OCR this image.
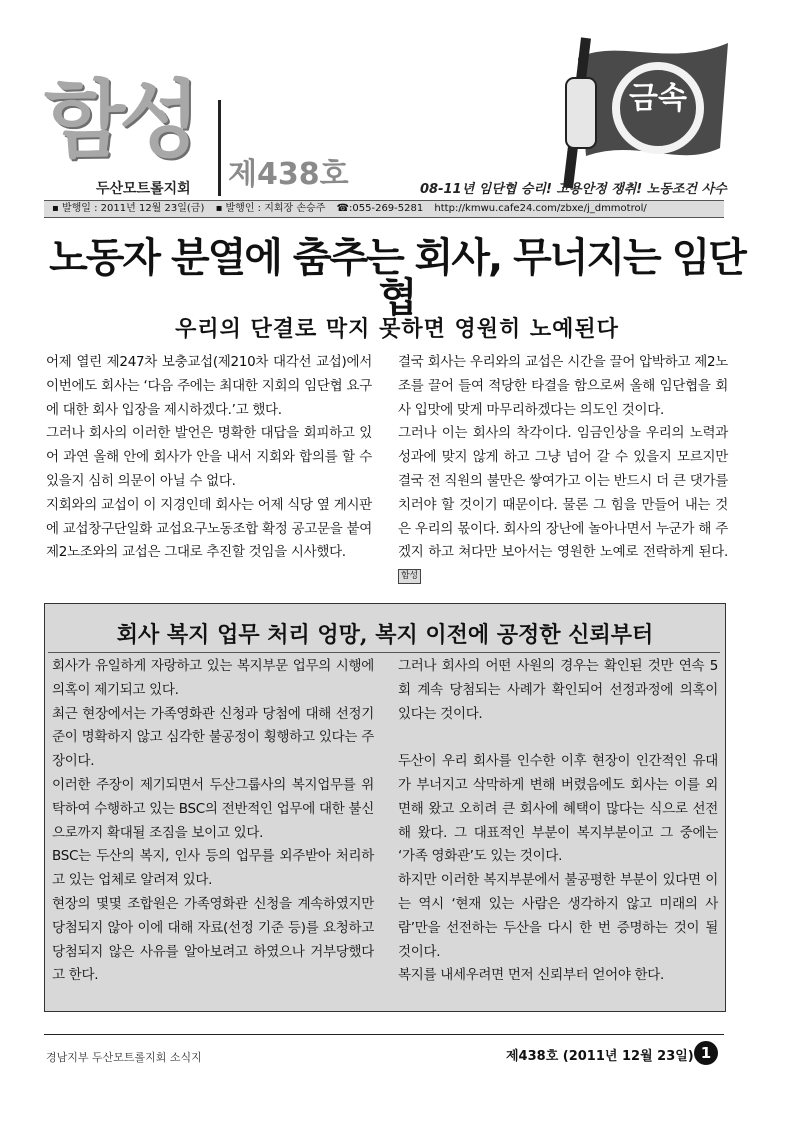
함성
두산모트롤지회 제438호	08-11년 임단협 승리! 고용안정 쟁취! 노동조건 사수
금속
▪ 발행일 : 2011년 12월 23일(금) ▪ 발행인 : 지회장 손승주 ☎:055-269-5281 http://kmwu.cafe24.com/zbxe/j_dmmotrol/
노동자 분열에 춤추는 회사, 무너지는 임단협
우리의 단결로 막지 못하면 영원히 노예된다

어제 열린 제247차 보충교섭(제210차 대각선 교섭)에서 이번에도 회사는 ‘다음 주에는 최대한 지회의 임단협 요구에 대한 회사 입장을 제시하겠다.’고 했다.

그러나 회사의 이러한 발언은 명확한 대답을 회피하고 있어 과연 올해 안에 회사가 안을 내서 지회와 합의를 할 수 있을지 심히 의문이 아닐 수 없다.

지회와의 교섭이 이 지경인데 회사는 어제 식당 옆 게시판에 교섭창구단일화 교섭요구노동조합 확정 공고문을 붙여 제2노조와의 교섭은 그대로 추진할 것임을 시사했다.

결국 회사는 우리와의 교섭은 시간을 끌어 압박하고 제2노조를 끌어 들여 적당한 타결을 함으로써 올해 임단협을 회사 입맛에 맞게 마무리하겠다는 의도인 것이다.

그러나 이는 회사의 착각이다. 임금인상을 우리의 노력과 성과에 맞지 않게 하고 그냥 넘어 갈 수 있을지 모르지만 결국 전 직원의 불만은 쌓여가고 이는 반드시 더 큰 댓가를 치러야 할 것이기 때문이다. 물론 그 힘을 만들어 내는 것은 우리의 몫이다. 회사의 장난에 놀아나면서 누군가 해 주겠지 하고 쳐다만 보아서는 영원한 노예로 전락하게 된다. 함성

회사 복지 업무 처리 엉망, 복지 이전에 공정한 신뢰부터

회사가 유일하게 자랑하고 있는 복지부문 업무의 시행에 의혹이 제기되고 있다.

최근 현장에서는 가족영화관 신청과 당첨에 대해 선정기준이 명확하지 않고 심각한 불공정이 횡행하고 있다는 주장이다.

이러한 주장이 제기되면서 두산그룹사의 복지업무를 위탁하여 수행하고 있는 BSC의 전반적인 업무에 대한 불신으로까지 확대될 조짐을 보이고 있다.

BSC는 두산의 복지, 인사 등의 업무를 외주받아 처리하고 있는 업체로 알려져 있다.

현장의 몇몇 조합원은 가족영화관 신청을 계속하였지만 당첨되지 않아 이에 대해 자료(선정 기준 등)를 요청하고 당첨되지 않은 사유를 알아보려고 하였으나 거부당했다고 한다.

그러나 회사의 어떤 사원의 경우는 확인된 것만 연속 5회 계속 당첨되는 사례가 확인되어 선정과정에 의혹이 있다는 것이다.

두산이 우리 회사를 인수한 이후 현장이 인간적인 유대가 부너지고 삭막하게 변해 버렸음에도 회사는 이를 외면해 왔고 오히려 큰 회사에 혜택이 많다는 식으로 선전해 왔다. 그 대표적인 부분이 복지부분이고 그 중에는 ‘가족 영화관’도 있는 것이다.

하지만 이러한 복지부분에서 불공평한 부분이 있다면 이는 역시 ‘현재 있는 사람은 생각하지 않고 미래의 사람’만을 선전하는 두산을 다시 한 번 증명하는 것이 될 것이다.

복지를 내세우려면 먼저 신뢰부터 얻어야 한다.

경남지부 두산모트롤지회 소식지	제438호 (2011년 12월 23일) 1
